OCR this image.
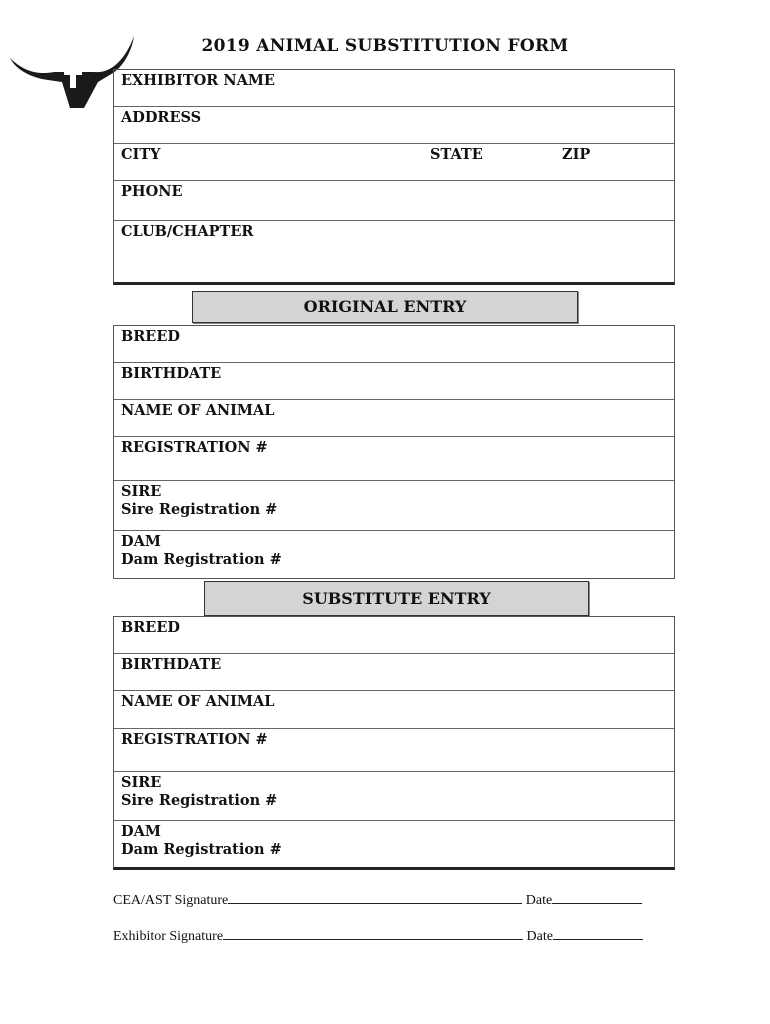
2019 ANIMAL SUBSTITUTION FORM
EXHIBITOR NAME
ADDRESS
CITY	STATE	ZIP
PHONE
CLUB/CHAPTER
ORIGINAL ENTRY
BREED
BIRTHDATE
NAME OF ANIMAL
REGISTRATION #
SIRE
Sire Registration #
DAM
Dam Registration #
SUBSTITUTE ENTRY
BREED
BIRTHDATE
NAME OF ANIMAL
REGISTRATION #
SIRE
Sire Registration #
DAM
Dam Registration #
CEA/AST Signature	Date
Exhibitor Signature	Date
